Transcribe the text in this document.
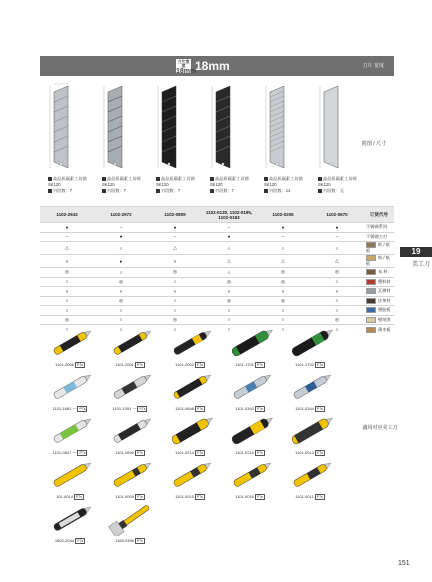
刀片宽度
18mm
18mm	刀片 宽度
高品质碳素工具钢
SK120
刃段数：7
高品质碳素工具钢
SK120
刃段数：7
高品质碳素工具钢
SK120
刃段数：7
高品质碳素工具钢
SK120
刃段数：7
高品质碳素工具钢
SK120
刃段数：14
高品质碳素工具钢
SK120
刃段数：无
附图 / 尺寸
1102-2943	1102-2972	1102-0809	1102-0130, 1102-0195, 1102-0183	1102-0206	1102-0670	订货代号
●	–	●	–	●	●	不锈钢系列
–	●	–	●	–	–	不锈钢大刃
△	○	△	○	○	○	纸 / 纸板
×	●	×	△	△	△	纸 / 纸板
◎	○	◎	○	◎	◎	布 料
○	◎	○	◎	◎	○	塑料材
×	×	×	×	×	×	瓦楞材
○	◎	○	◎	◎	○	皮革材
○	○	○	○	○	○	塑胶板
◎	○	◎	○	○	◎	壁纸类
○	○	○	○	○	○	薄木板
19
美工刀
1101-2006 P7s	1101-2001 P7s	1101-2002 P7s	1101-1701 P7s	1101-1702 P7s
1101-1681 〜 P7s	1101-1091 〜 P7s	1101-0848 P7s	1101-0343 P7s	1101-0344 P7s
1101-0847 〜 P7s	1101-0690 P7s	1101-0214 P7s	1101-0215 P7s	1101-0013 P7s
101-0014 P7s	1101-0009 P7s	1101-0015 P7s	1101-0016 P7s	1101-0011 P7s
1802-2044 P7s	1165-0356 P7s
適用对应美工刀
151
